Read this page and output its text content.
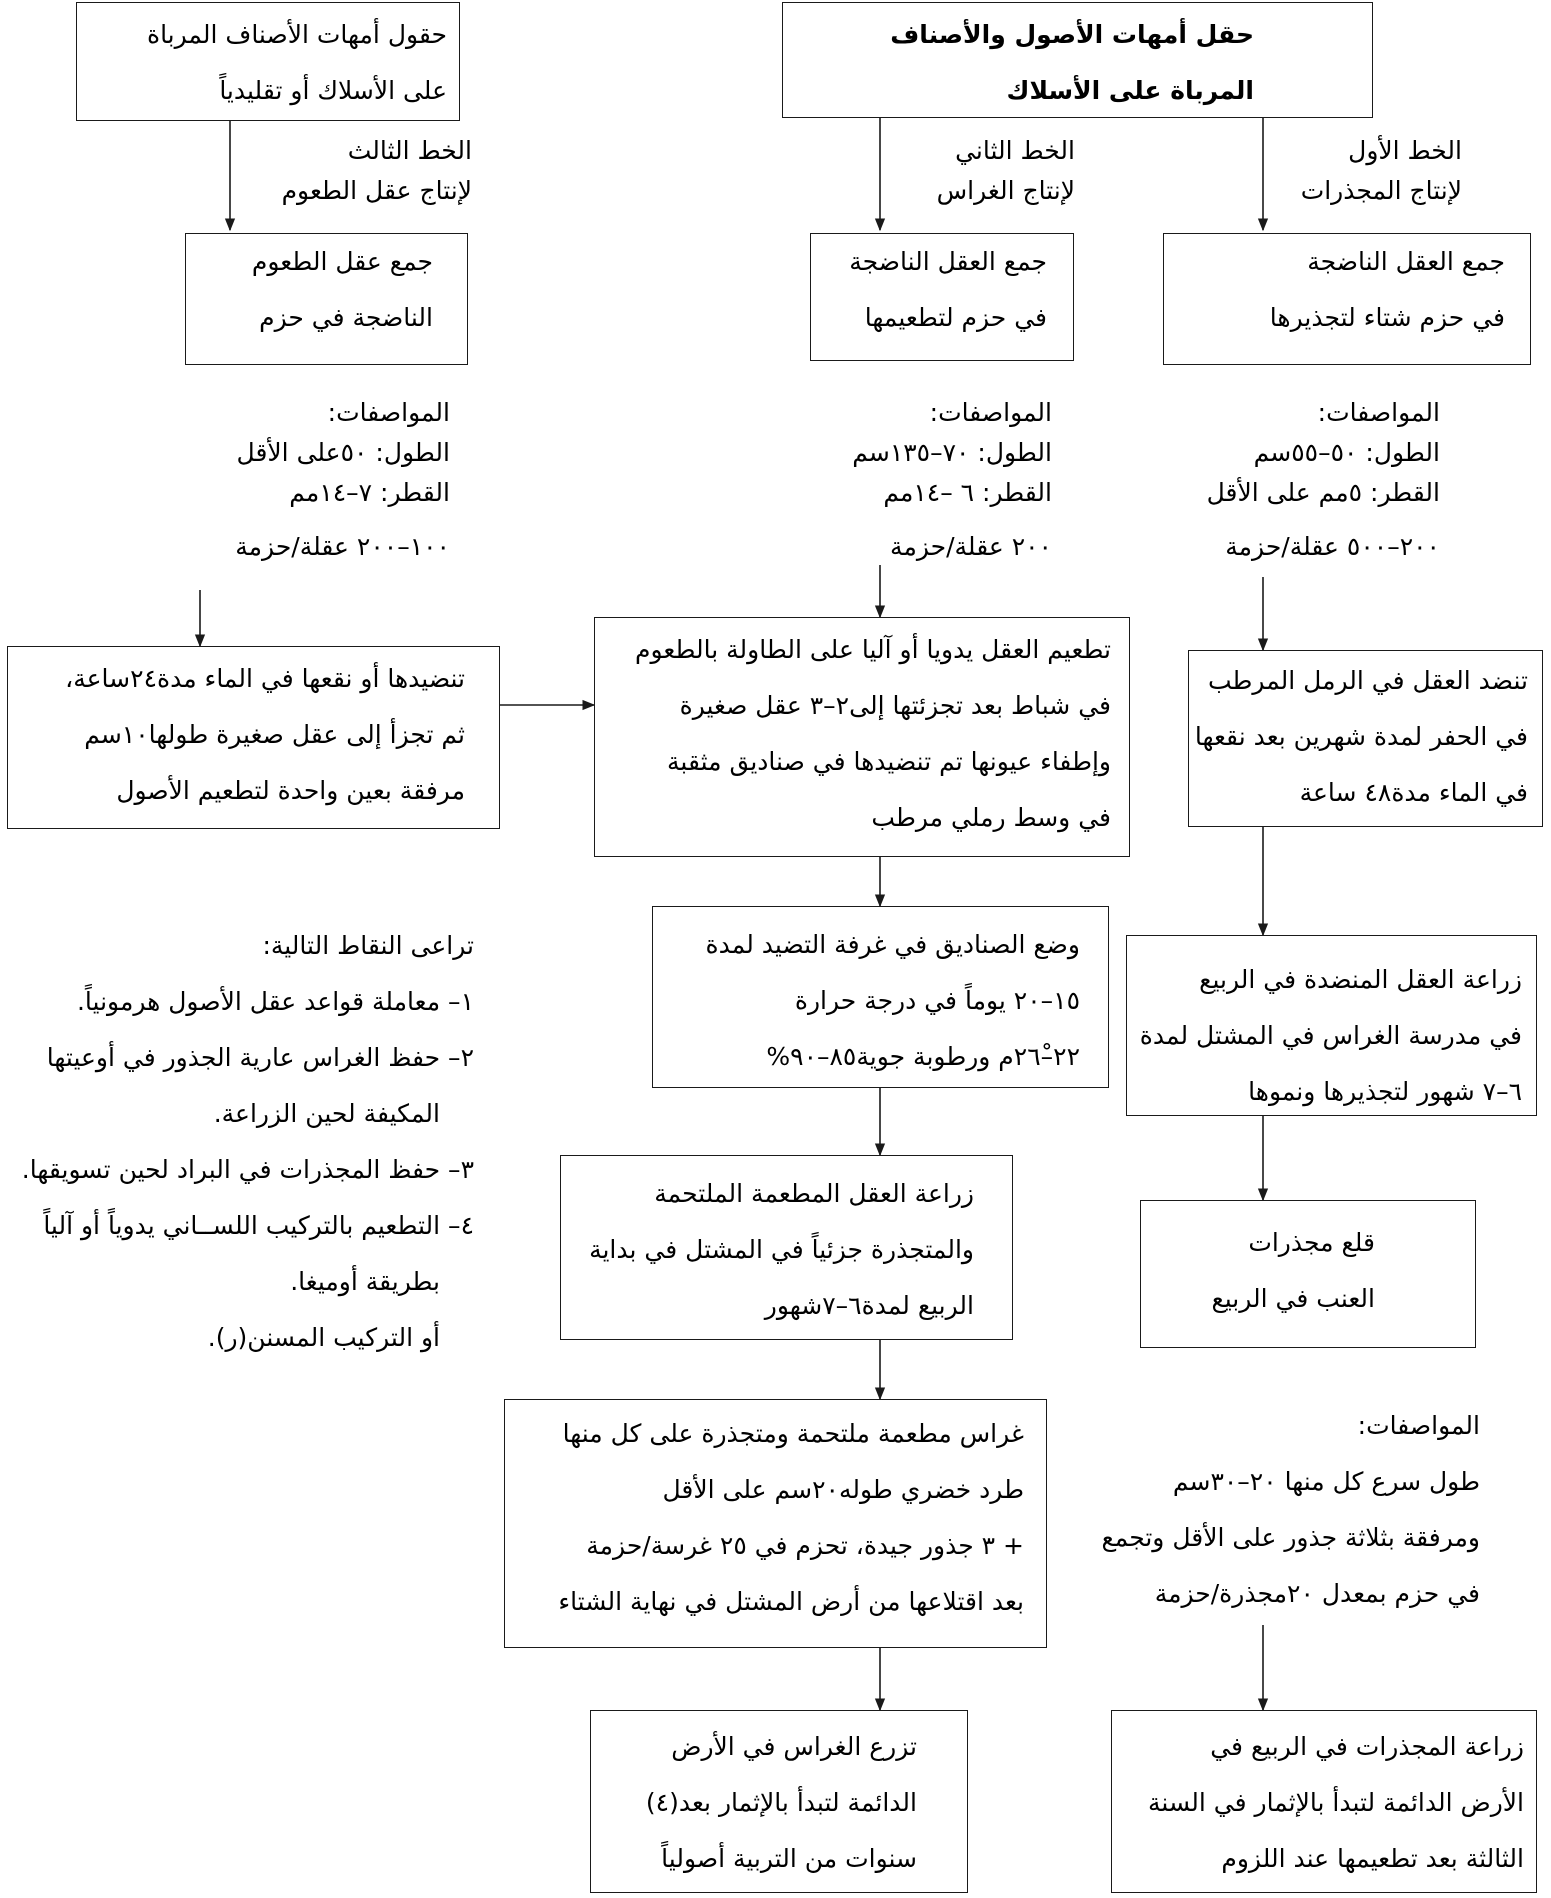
حقل أمهات الأصول والأصناف
المرباة على الأسلاك
حقول أمهات الأصناف المرباة
على الأسلاك أو تقليدياً
الخط الأول
لإنتاج المجذرات
الخط الثاني
لإنتاج الغراس
الخط الثالث
لإنتاج عقل الطعوم
جمع العقل الناضجة
في حزم شتاء لتجذيرها
جمع العقل الناضجة
في حزم لتطعيمها
جمع عقل الطعوم
الناضجة في حزم
المواصفات:
الطول: ٥٠–٥٥سم
القطر: ٥مم على الأقل
٢٠٠–٥٠٠ عقلة/حزمة
المواصفات:
الطول: ٧٠–١٣٥سم
القطر: ٦ –١٤مم
٢٠٠ عقلة/حزمة
المواصفات:
الطول: ٥٠على الأقل
القطر: ٧–١٤مم
١٠٠–٢٠٠ عقلة/حزمة
تنضد العقل في الرمل المرطب
في الحفر لمدة شهرين بعد نقعها
في الماء مدة٤٨ ساعة
تطعيم العقل يدويا أو آليا على الطاولة بالطعوم
في شباط بعد تجزئتها إلى٢–٣ عقل صغيرة
وإطفاء عيونها تم تنضيدها في صناديق مثقبة
في وسط رملي مرطب
تنضيدها أو نقعها في الماء مدة٢٤ساعة،
ثم تجزأ إلى عقل صغيرة طولها١٠سم
مرفقة بعين واحدة لتطعيم الأصول
زراعة العقل المنضدة في الربيع
في مدرسة الغراس في المشتل لمدة
٦–٧ شهور لتجذيرها ونموها
وضع الصناديق في غرفة التضيد لمدة
١٥–٢٠ يوماً في درجة حرارة
٢٢–٢٦ْم ورطوبة جوية٨٥–٩٠%
تراعى النقاط التالية:
١– معاملة قواعد عقل الأصول هرمونياً.
٢– حفظ الغراس عارية الجذور في أوعيتها
المكيفة لحين الزراعة.
٣– حفظ المجذرات في البراد لحين تسويقها.
٤– التطعيم بالتركيب اللســاني يدوياً أو آلياً
بطريقة أوميغا.
أو التركيب المسنن(ر).
قلع مجذرات
العنب في الربيع
زراعة العقل المطعمة الملتحمة
والمتجذرة جزئياً في المشتل في بداية
الربيع لمدة٦–٧شهور
المواصفات:
طول سرع كل منها ٢٠–٣٠سم
ومرفقة بثلاثة جذور على الأقل وتجمع
في حزم بمعدل ٢٠مجذرة/حزمة
غراس مطعمة ملتحمة ومتجذرة على كل منها
طرد خضري طوله٢٠سم على الأقل
+ ٣ جذور جيدة، تحزم في ٢٥ غرسة/حزمة
بعد اقتلاعها من أرض المشتل في نهاية الشتاء
زراعة المجذرات في الربيع في
الأرض الدائمة لتبدأ بالإثمار في السنة
الثالثة بعد تطعيمها عند اللزوم
تزرع الغراس في الأرض
الدائمة لتبدأ بالإثمار بعد(٤)
سنوات من التربية أصولياً
